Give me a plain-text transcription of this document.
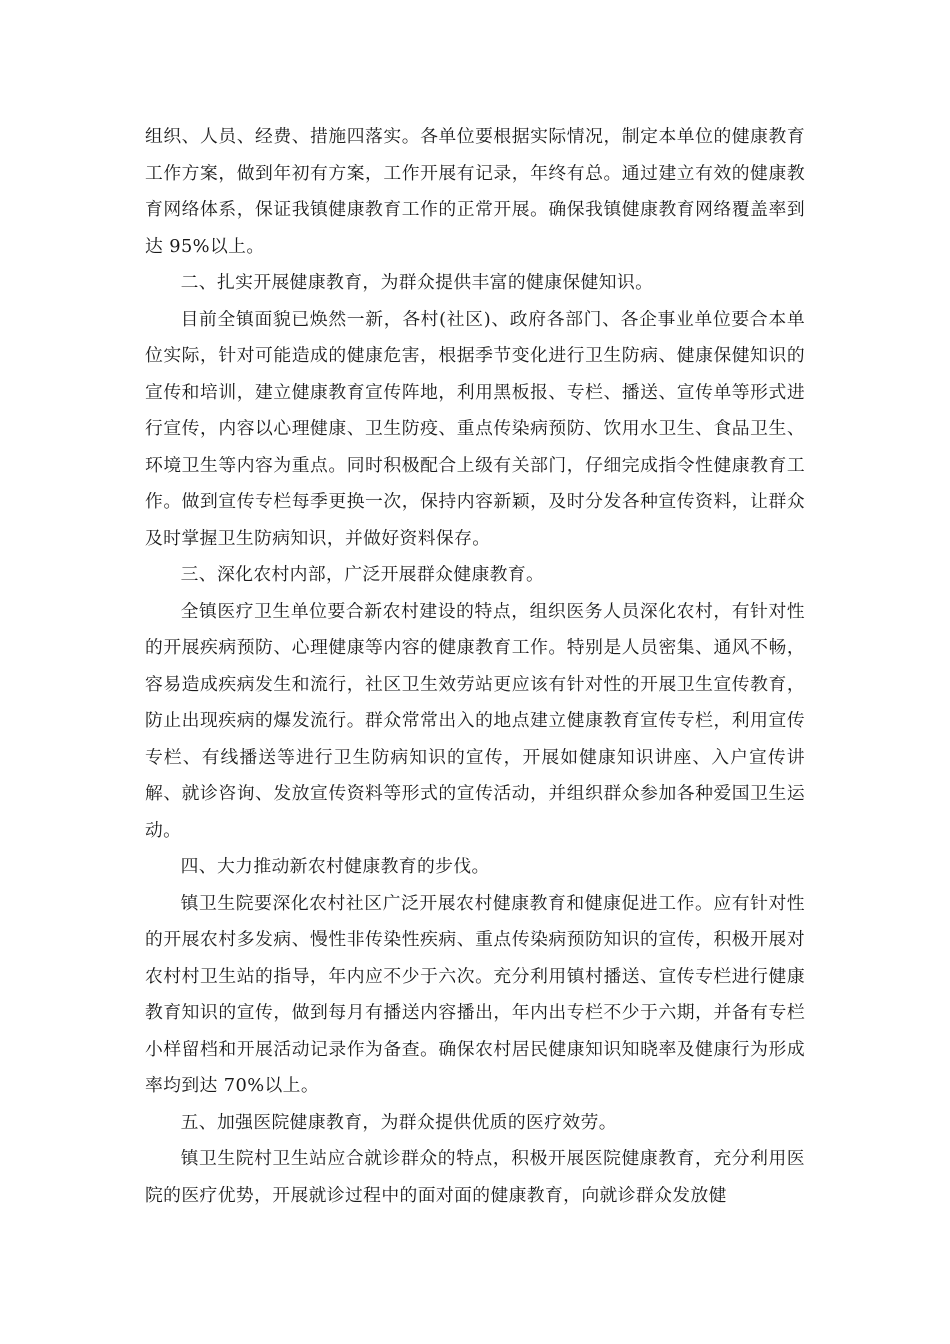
组织、人员、经费、措施四落实。各单位要根据实际情况，制定本单位的健康教育工作方案，做到年初有方案，工作开展有记录，年终有总。通过建立有效的健康教育网络体系，保证我镇健康教育工作的正常开展。确保我镇健康教育网络覆盖率到达 95%以上。

二、扎实开展健康教育，为群众提供丰富的健康保健知识。

目前全镇面貌已焕然一新，各村(社区)、政府各部门、各企事业单位要合本单位实际，针对可能造成的健康危害，根据季节变化进行卫生防病、健康保健知识的宣传和培训，建立健康教育宣传阵地，利用黑板报、专栏、播送、宣传单等形式进行宣传，内容以心理健康、卫生防疫、重点传染病预防、饮用水卫生、食品卫生、环境卫生等内容为重点。同时积极配合上级有关部门，仔细完成指令性健康教育工作。做到宣传专栏每季更换一次，保持内容新颖，及时分发各种宣传资料，让群众及时掌握卫生防病知识，并做好资料保存。

三、深化农村内部，广泛开展群众健康教育。

全镇医疗卫生单位要合新农村建设的特点，组织医务人员深化农村，有针对性的开展疾病预防、心理健康等内容的健康教育工作。特别是人员密集、通风不畅，容易造成疾病发生和流行，社区卫生效劳站更应该有针对性的开展卫生宣传教育，防止出现疾病的爆发流行。群众常常出入的地点建立健康教育宣传专栏，利用宣传专栏、有线播送等进行卫生防病知识的宣传，开展如健康知识讲座、入户宣传讲解、就诊咨询、发放宣传资料等形式的宣传活动，并组织群众参加各种爱国卫生运动。

四、大力推动新农村健康教育的步伐。

镇卫生院要深化农村社区广泛开展农村健康教育和健康促进工作。应有针对性的开展农村多发病、慢性非传染性疾病、重点传染病预防知识的宣传，积极开展对农村村卫生站的指导，年内应不少于六次。充分利用镇村播送、宣传专栏进行健康教育知识的宣传，做到每月有播送内容播出，年内出专栏不少于六期，并备有专栏小样留档和开展活动记录作为备查。确保农村居民健康知识知晓率及健康行为形成率均到达 70%以上。

五、加强医院健康教育，为群众提供优质的医疗效劳。

镇卫生院村卫生站应合就诊群众的特点，积极开展医院健康教育，充分利用医院的医疗优势，开展就诊过程中的面对面的健康教育，向就诊群众发放健
